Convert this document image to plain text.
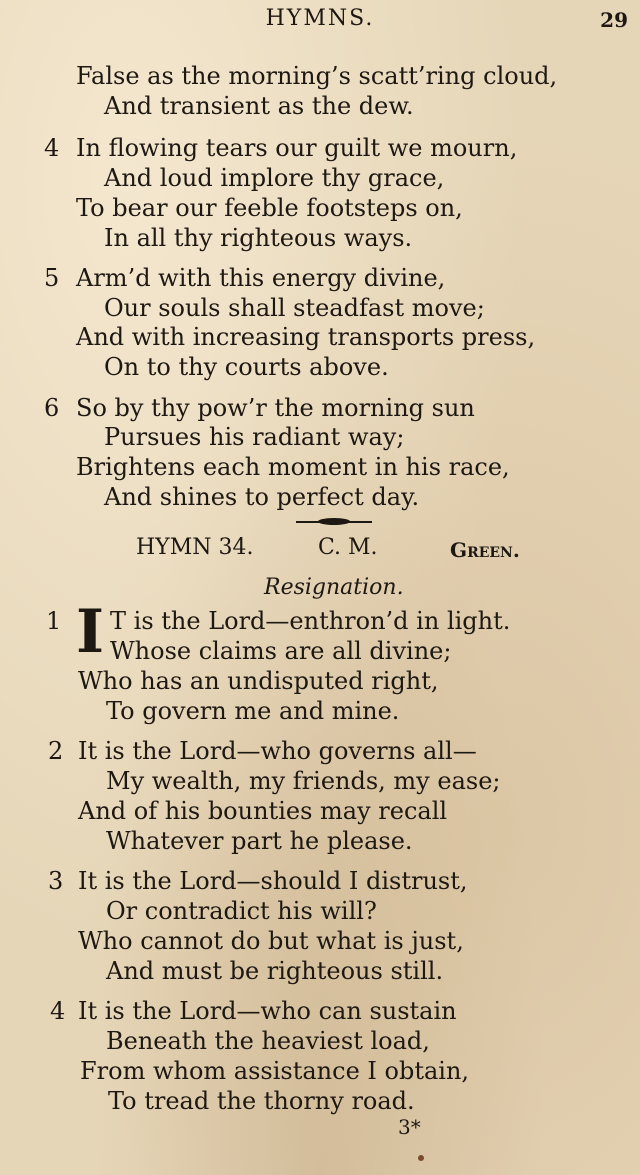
HYMNS.	29
False as the morning’s scatt’ring cloud,
And transient as the dew.
4 In flowing tears our guilt we mourn,
And loud implore thy grace,
To bear our feeble footsteps on,
In all thy righteous ways.
5 Arm’d with this energy divine,
Our souls shall steadfast move;
And with increasing transports press,
On to thy courts above.
6 So by thy pow’r the morning sun
Pursues his radiant way;
Brightens each moment in his race,
And shines to perfect day.
HYMN 34.	C. M.	Green.
Resignation.
1 I T is the Lord—enthron’d in light.
Whose claims are all divine;
Who has an undisputed right,
To govern me and mine.
2 It is the Lord—who governs all—
My wealth, my friends, my ease;
And of his bounties may recall
Whatever part he please.
3 It is the Lord—should I distrust,
Or contradict his will?
Who cannot do but what is just,
And must be righteous still.
4 It is the Lord—who can sustain
Beneath the heaviest load,
From whom assistance I obtain,
To tread the thorny road.
3*
